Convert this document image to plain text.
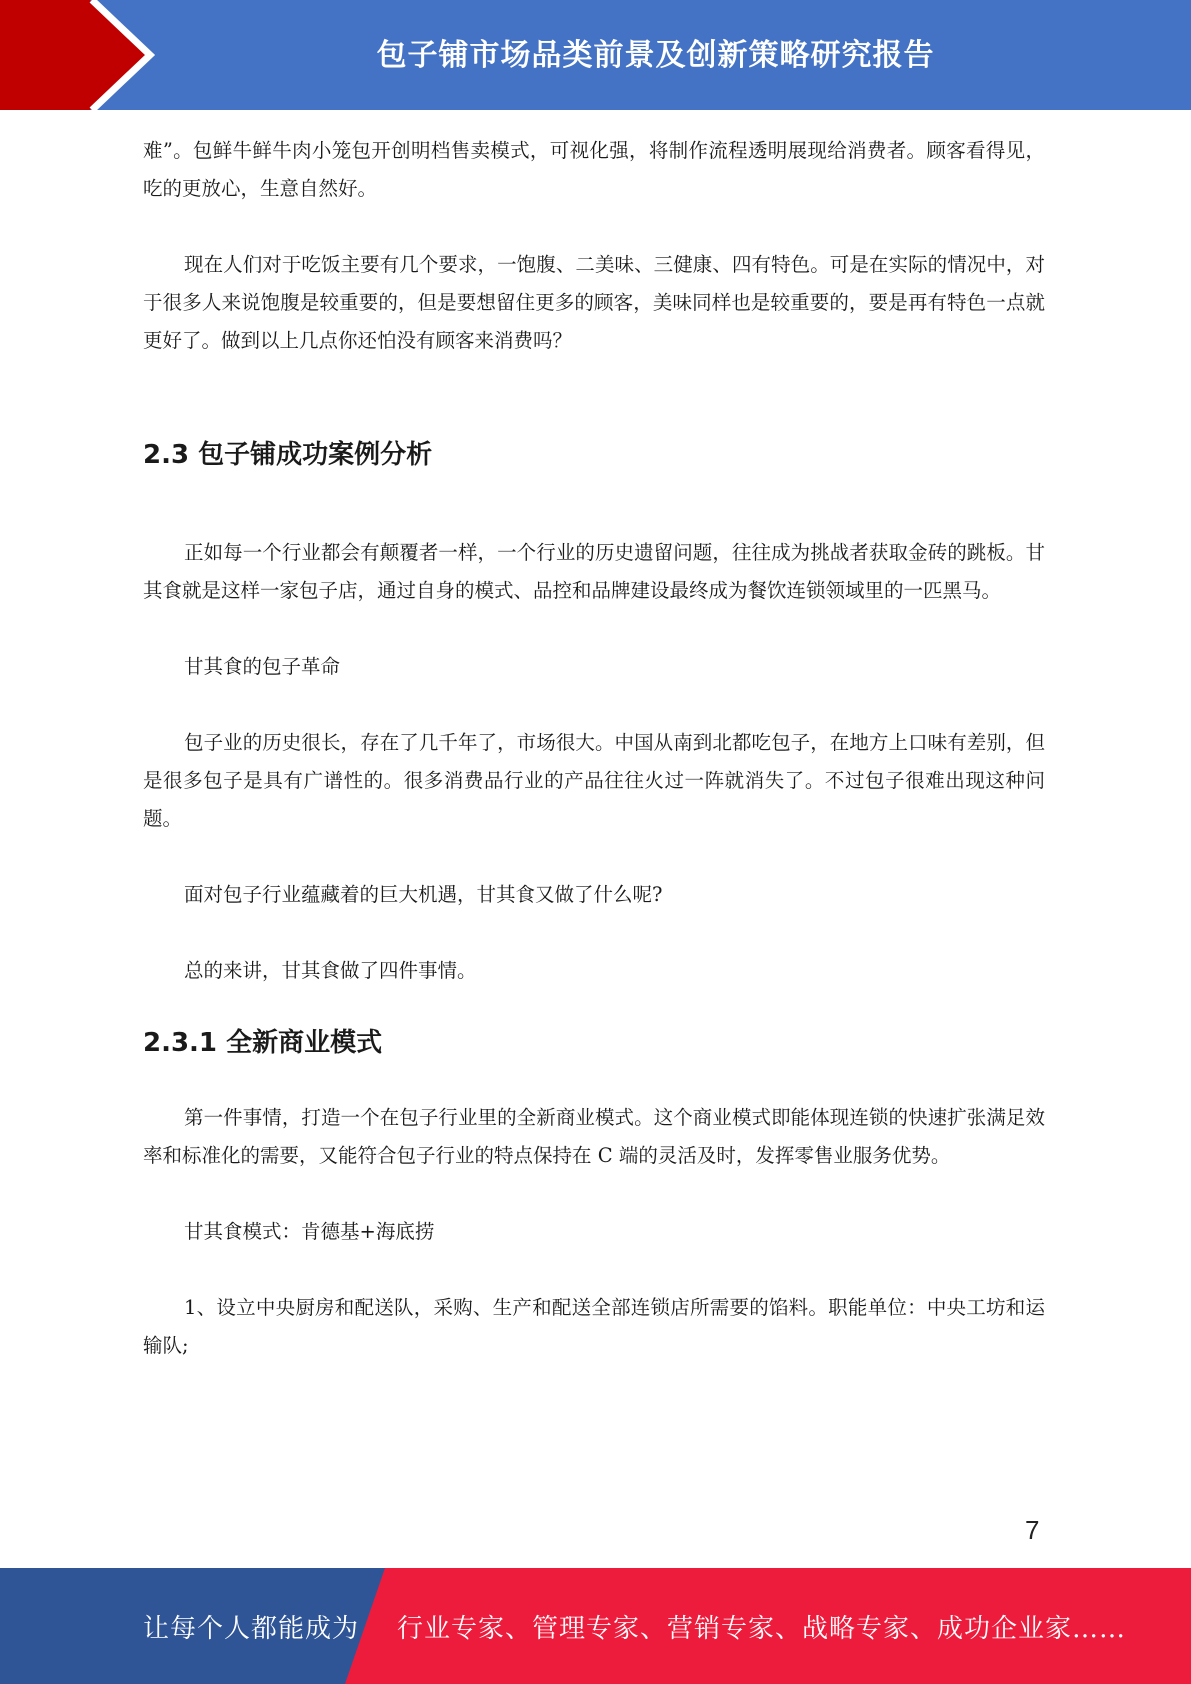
包子铺市场品类前景及创新策略研究报告

难”。包鲜牛鲜牛肉小笼包开创明档售卖模式，可视化强，将制作流程透明展现给消费者。顾客看得见，吃的更放心，生意自然好。

现在人们对于吃饭主要有几个要求，一饱腹、二美味、三健康、四有特色。可是在实际的情况中，对于很多人来说饱腹是较重要的，但是要想留住更多的顾客，美味同样也是较重要的，要是再有特色一点就更好了。做到以上几点你还怕没有顾客来消费吗？

2.3 包子铺成功案例分析

正如每一个行业都会有颠覆者一样，一个行业的历史遗留问题，往往成为挑战者获取金砖的跳板。甘其食就是这样一家包子店，通过自身的模式、品控和品牌建设最终成为餐饮连锁领域里的一匹黑马。

甘其食的包子革命

包子业的历史很长，存在了几千年了，市场很大。中国从南到北都吃包子，在地方上口味有差别，但是很多包子是具有广谱性的。很多消费品行业的产品往往火过一阵就消失了。不过包子很难出现这种问题。

面对包子行业蕴藏着的巨大机遇，甘其食又做了什么呢?

总的来讲，甘其食做了四件事情。

2.3.1 全新商业模式

第一件事情，打造一个在包子行业里的全新商业模式。这个商业模式即能体现连锁的快速扩张满足效率和标准化的需要，又能符合包子行业的特点保持在 C 端的灵活及时，发挥零售业服务优势。

甘其食模式：肯德基+海底捞

1、设立中央厨房和配送队，采购、生产和配送全部连锁店所需要的馅料。职能单位：中央工坊和运输队;

7
让每个人都能成为 行业专家、管理专家、营销专家、战略专家、成功企业家……
